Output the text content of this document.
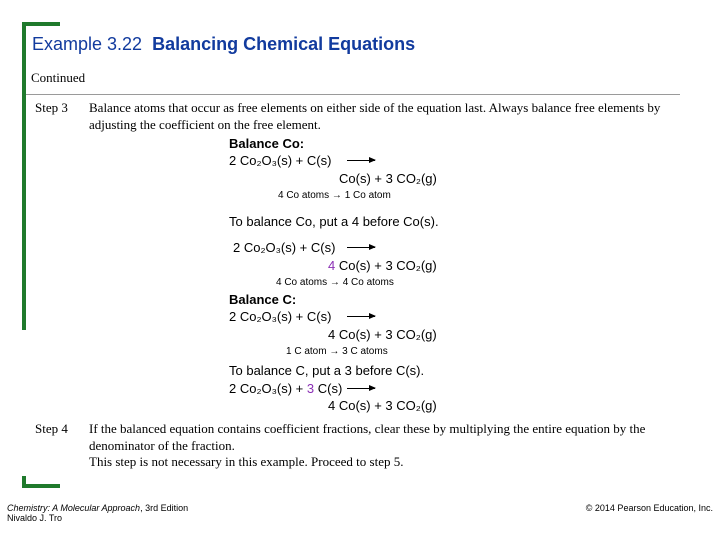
Example 3.22 Balancing Chemical Equations
Continued
Step 3 Balance atoms that occur as free elements on either side of the equation last. Always balance free elements by adjusting the coefficient on the free element.
Balance Co:
2 Co₂O₃(s) + C(s)
Co(s) + 3 CO₂(g)
4 Co atoms → 1 Co atom
To balance Co, put a 4 before Co(s).
2 Co₂O₃(s) + C(s)
4 Co(s) + 3 CO₂(g)
4 Co atoms → 4 Co atoms
Balance C:
2 Co₂O₃(s) + C(s)
4 Co(s) + 3 CO₂(g)
1 C atom → 3 C atoms
To balance C, put a 3 before C(s).
2 Co₂O₃(s) + 3 C(s)
4 Co(s) + 3 CO₂(g)
Step 4 If the balanced equation contains coefficient fractions, clear these by multiplying the entire equation by the denominator of the fraction.
This step is not necessary in this example. Proceed to step 5.
Chemistry: A Molecular Approach, 3rd Edition
Nivaldo J. Tro
© 2014 Pearson Education, Inc.
